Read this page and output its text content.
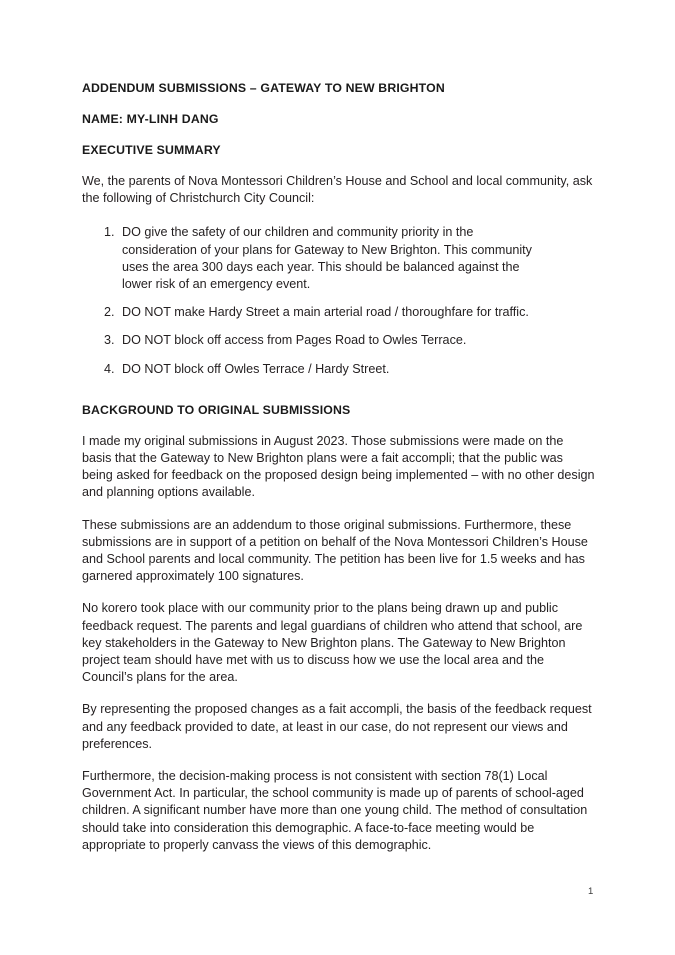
ADDENDUM SUBMISSIONS – GATEWAY TO NEW BRIGHTON
NAME: MY-LINH DANG
EXECUTIVE SUMMARY

We, the parents of Nova Montessori Children’s House and School and local community, ask the following of Christchurch City Council:

1. DO give the safety of our children and community priority in the consideration of your plans for Gateway to New Brighton. This community uses the area 300 days each year. This should be balanced against the lower risk of an emergency event.
2. DO NOT make Hardy Street a main arterial road / thoroughfare for traffic.
3. DO NOT block off access from Pages Road to Owles Terrace.
4. DO NOT block off Owles Terrace / Hardy Street.
BACKGROUND TO ORIGINAL SUBMISSIONS

I made my original submissions in August 2023. Those submissions were made on the basis that the Gateway to New Brighton plans were a fait accompli; that the public was being asked for feedback on the proposed design being implemented – with no other design and planning options available.

These submissions are an addendum to those original submissions. Furthermore, these submissions are in support of a petition on behalf of the Nova Montessori Children’s House and School parents and local community. The petition has been live for 1.5 weeks and has garnered approximately 100 signatures.

No korero took place with our community prior to the plans being drawn up and public feedback request. The parents and legal guardians of children who attend that school, are key stakeholders in the Gateway to New Brighton plans. The Gateway to New Brighton project team should have met with us to discuss how we use the local area and the Council’s plans for the area.

By representing the proposed changes as a fait accompli, the basis of the feedback request and any feedback provided to date, at least in our case, do not represent our views and preferences.

Furthermore, the decision-making process is not consistent with section 78(1) Local Government Act. In particular, the school community is made up of parents of school-aged children. A significant number have more than one young child. The method of consultation should take into consideration this demographic. A face-to-face meeting would be appropriate to properly canvass the views of this demographic.

1
